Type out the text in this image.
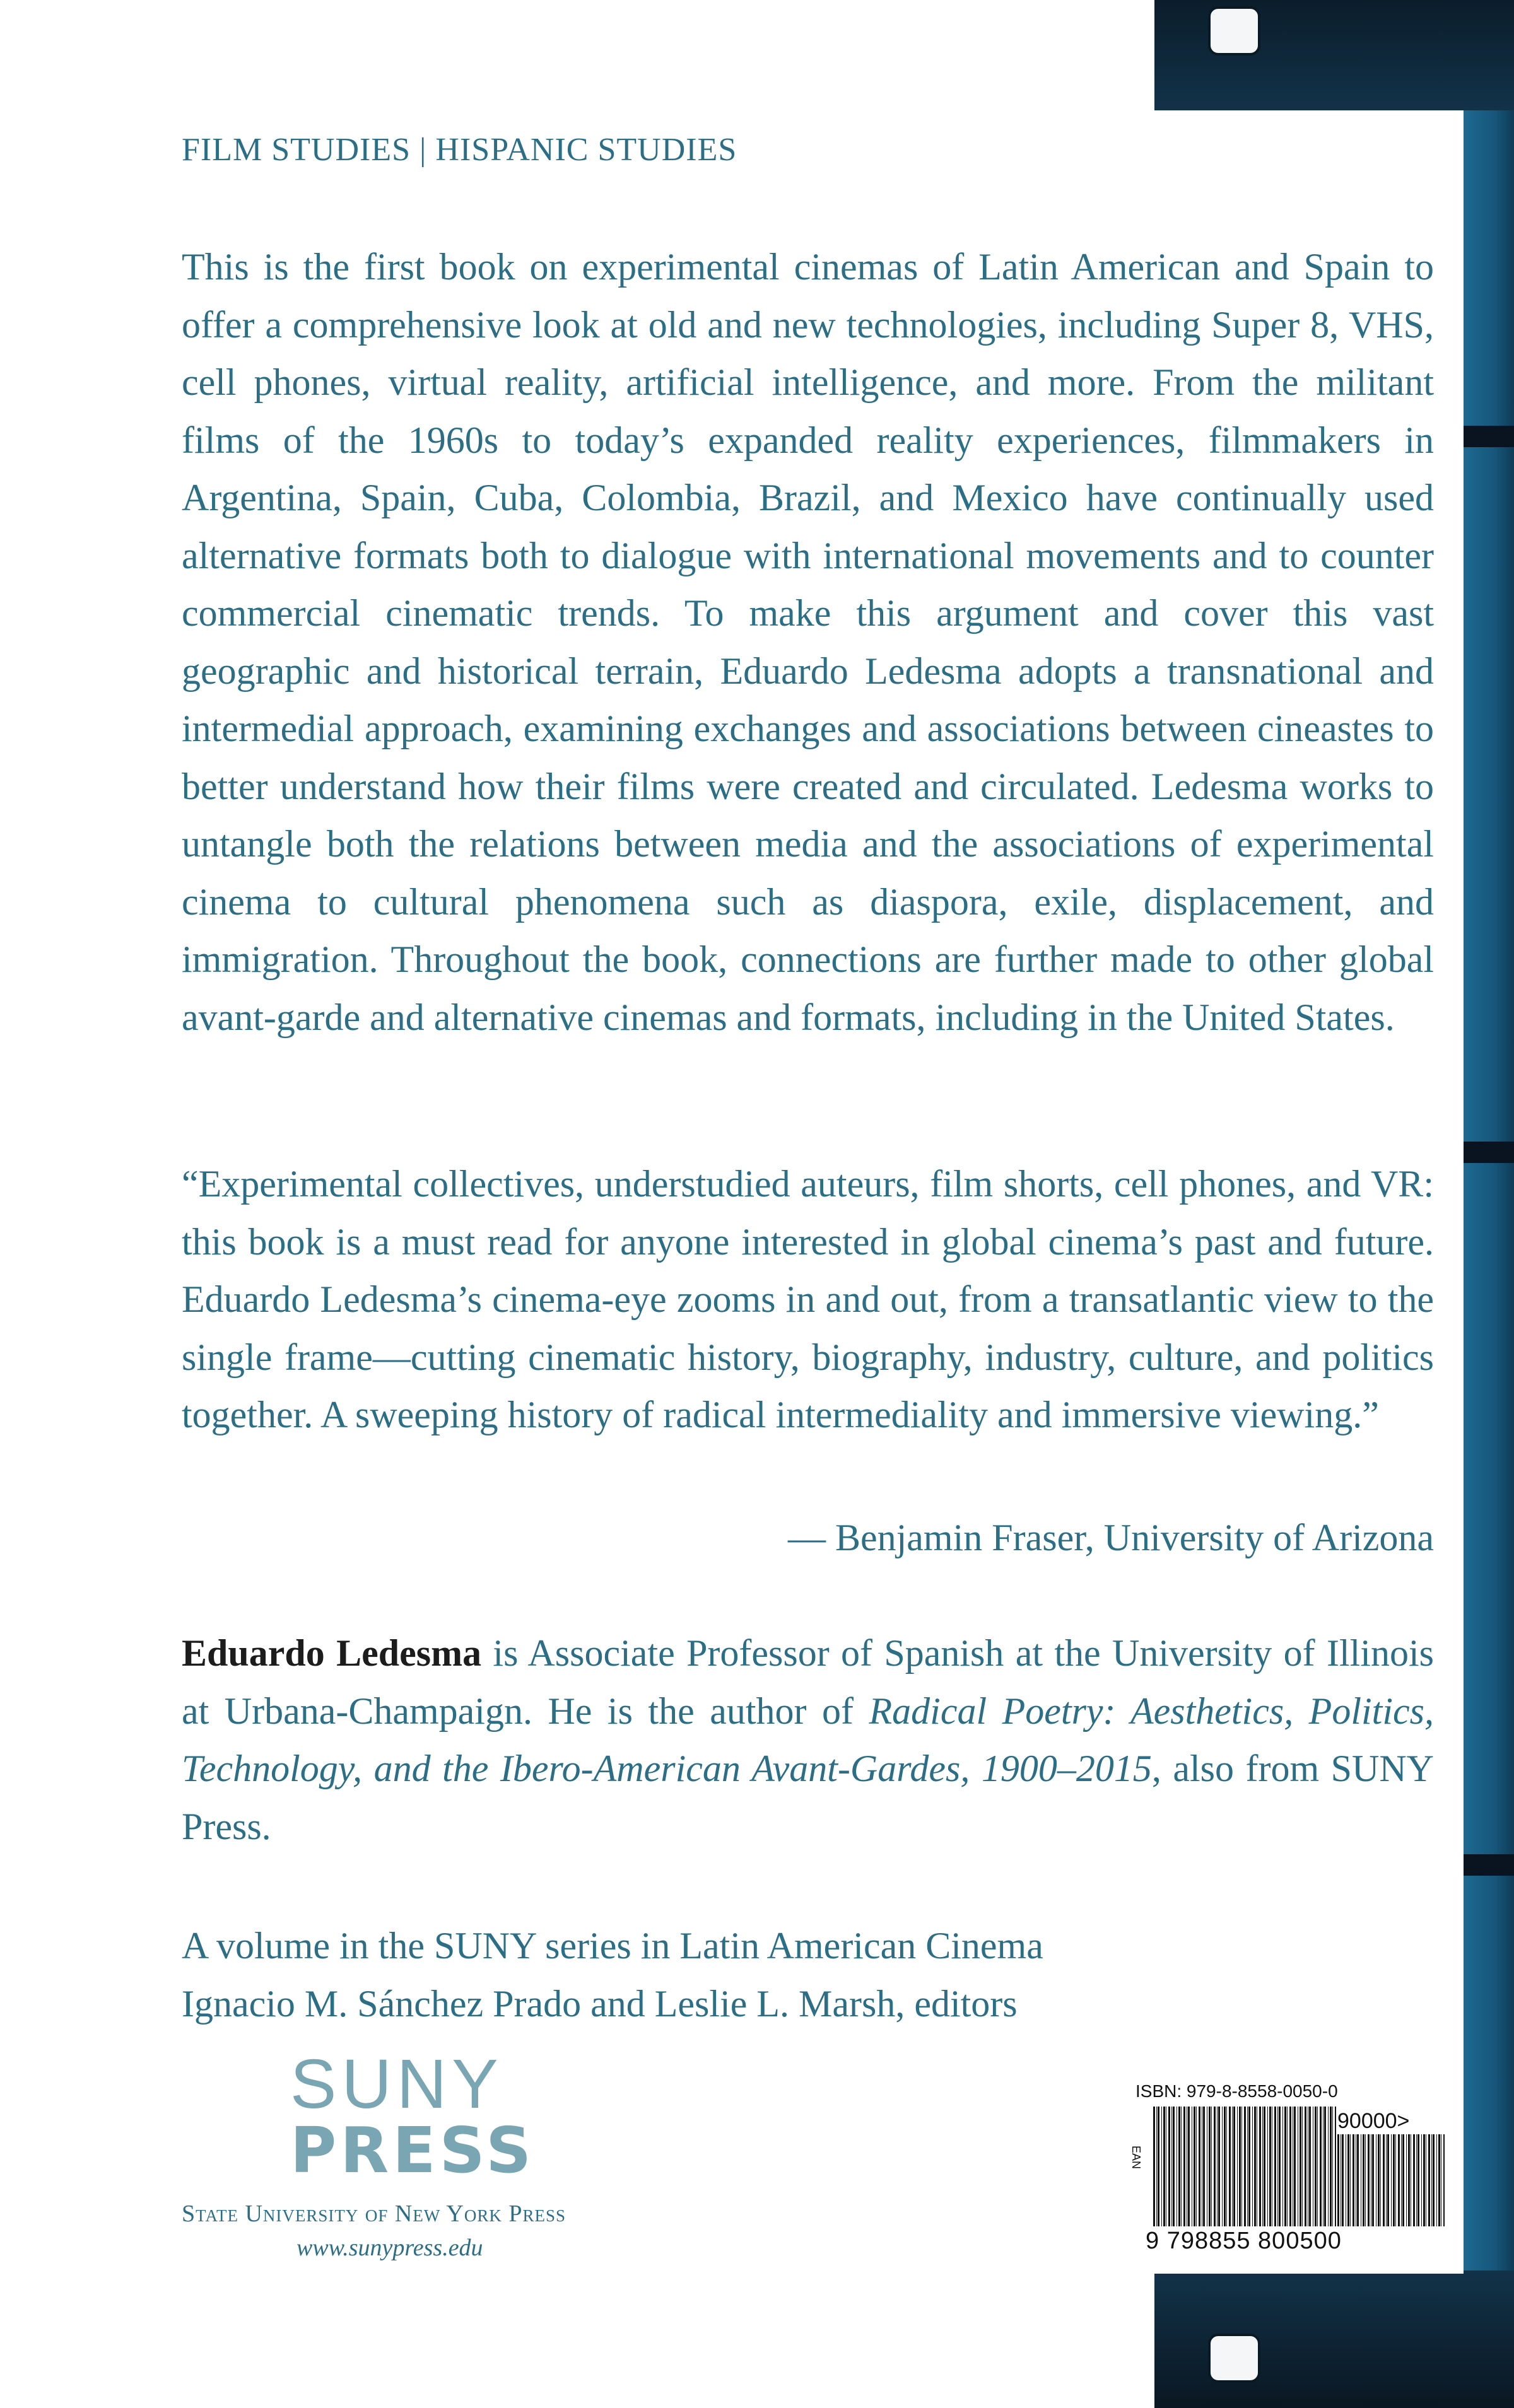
FILM STUDIES | HISPANIC STUDIES

This is the first book on experimental cinemas of Latin American and Spain to offer a comprehensive look at old and new technologies, including Super 8, VHS, cell phones, virtual reality, artificial intelligence, and more. From the militant films of the 1960s to today’s expanded reality experiences, filmmakers in Argentina, Spain, Cuba, Colombia, Brazil, and Mexico have continually used alternative formats both to dialogue with international movements and to counter commercial cinematic trends. To make this argument and cover this vast geographic and historical terrain, Eduardo Ledesma adopts a transnational and intermedial approach, examining exchanges and associations between cineastes to better understand how their films were created and circulated. Ledesma works to untangle both the relations between media and the associations of experimental cinema to cultural phenomena such as diaspora, exile, displacement, and immigration. Throughout the book, connections are further made to other global avant-garde and alternative cinemas and formats, including in the United States.

“Experimental collectives, understudied auteurs, film shorts, cell phones, and VR: this book is a must read for anyone interested in global cinema’s past and future. Eduardo Ledesma’s cinema-eye zooms in and out, from a transatlantic view to the single frame—cutting cinematic history, biography, industry, culture, and politics together. A sweeping history of radical intermediality and immersive viewing.”

— Benjamin Fraser, University of Arizona

Eduardo Ledesma is Associate Professor of Spanish at the University of Illinois at Urbana-Champaign. He is the author of Radical Poetry: Aesthetics, Politics, Technology, and the Ibero-American Avant-Gardes, 1900–2015, also from SUNY Press.

A volume in the SUNY series in Latin American Cinema
Ignacio M. Sánchez Prado and Leslie L. Marsh, editors
SUNY
PRESS
State University of New York Press
www.sunypress.edu
ISBN: 979-8-8558-0050-0
EAN
90000>
9 798855 800500
